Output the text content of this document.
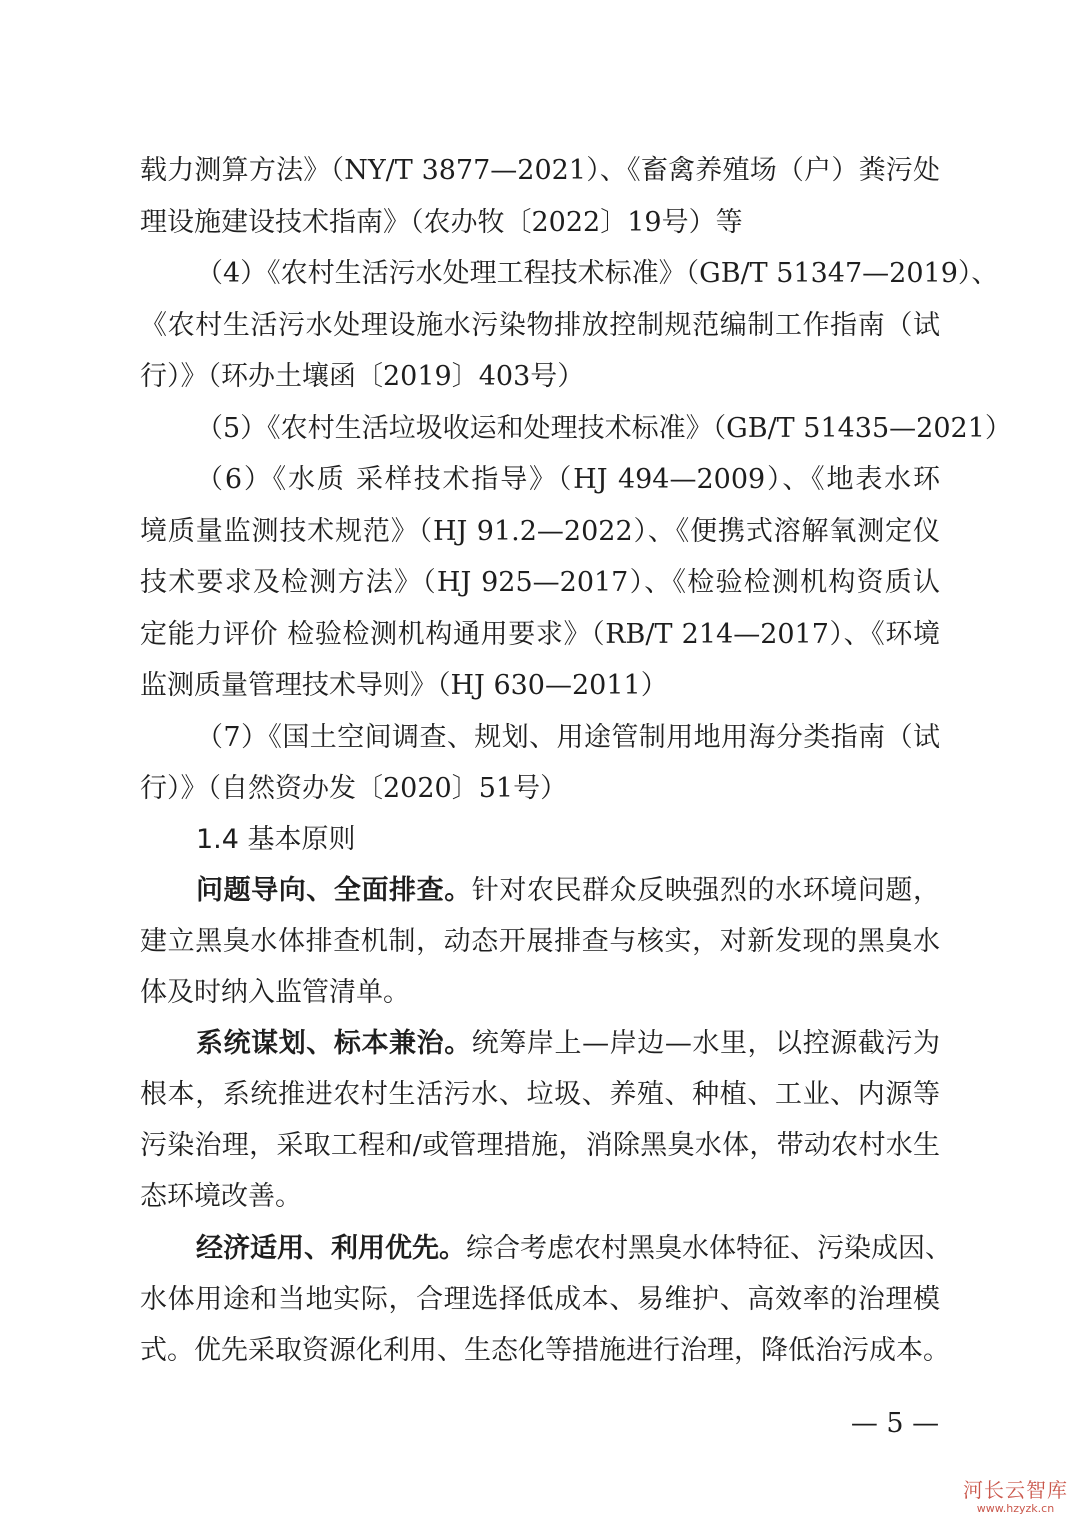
载力测算方法》（NY/T 3877—2021）、《畜禽养殖场（户）粪污处
理设施建设技术指南》（农办牧〔2022〕19号）等
（4）《农村生活污水处理工程技术标准》（GB/T 51347—2019）、
《农村生活污水处理设施水污染物排放控制规范编制工作指南（试
行）》（环办土壤函〔2019〕403号）
（5）《农村生活垃圾收运和处理技术标准》（GB/T 51435—2021）
（6）《水质 采样技术指导》（HJ 494—2009）、《地表水环
境质量监测技术规范》（HJ 91.2—2022）、《便携式溶解氧测定仪
技术要求及检测方法》（HJ 925—2017）、《检验检测机构资质认
定能力评价 检验检测机构通用要求》（RB/T 214—2017）、《环境
监测质量管理技术导则》（HJ 630—2011）
（7）《国土空间调查、规划、用途管制用地用海分类指南（试
行）》（自然资办发〔2020〕51号）
1.4 基本原则
问题导向、全面排查。针对农民群众反映强烈的水环境问题，
建立黑臭水体排查机制，动态开展排查与核实，对新发现的黑臭水
体及时纳入监管清单。
系统谋划、标本兼治。统筹岸上—岸边—水里，以控源截污为
根本，系统推进农村生活污水、垃圾、养殖、种植、工业、内源等
污染治理，采取工程和/或管理措施，消除黑臭水体，带动农村水生
态环境改善。
经济适用、利用优先。综合考虑农村黑臭水体特征、污染成因、
水体用途和当地实际，合理选择低成本、易维护、高效率的治理模
式。优先采取资源化利用、生态化等措施进行治理，降低治污成本。
— 5 —
河长云智库
www.hzyzk.cn
